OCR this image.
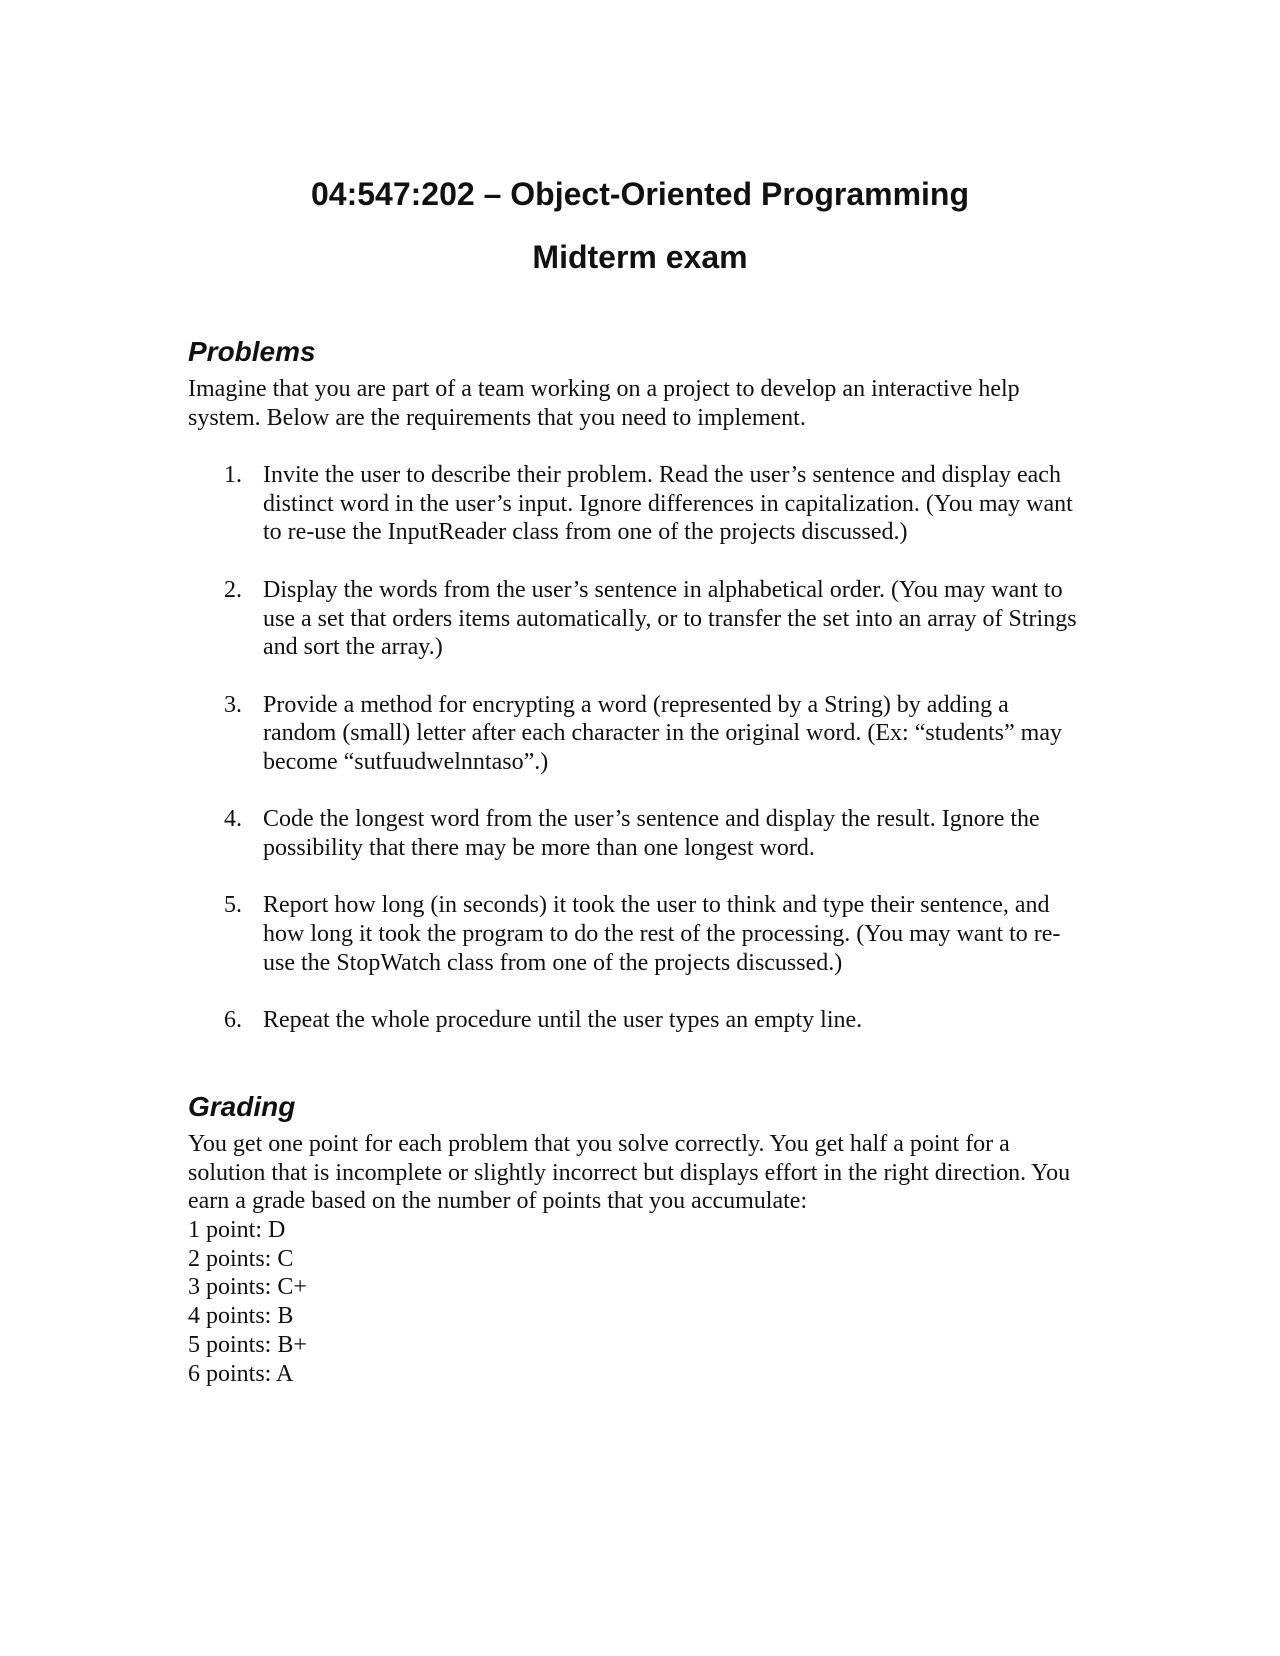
04:547:202 – Object-Oriented Programming
Midterm exam
Problems

Imagine that you are part of a team working on a project to develop an interactive help system. Below are the requirements that you need to implement.

1. Invite the user to describe their problem. Read the user’s sentence and display each distinct word in the user’s input. Ignore differences in capitalization. (You may want to re-use the InputReader class from one of the projects discussed.)
2. Display the words from the user’s sentence in alphabetical order. (You may want to use a set that orders items automatically, or to transfer the set into an array of Strings and sort the array.)
3. Provide a method for encrypting a word (represented by a String) by adding a random (small) letter after each character in the original word. (Ex: “students” may become “sutfuudwelnntaso”.)
4. Code the longest word from the user’s sentence and display the result. Ignore the possibility that there may be more than one longest word.
5. Report how long (in seconds) it took the user to think and type their sentence, and how long it took the program to do the rest of the processing. (You may want to re-use the StopWatch class from one of the projects discussed.)
6. Repeat the whole procedure until the user types an empty line.
Grading

You get one point for each problem that you solve correctly. You get half a point for a solution that is incomplete or slightly incorrect but displays effort in the right direction. You earn a grade based on the number of points that you accumulate:

1 point: D
2 points: C
3 points: C+
4 points: B
5 points: B+
6 points: A
